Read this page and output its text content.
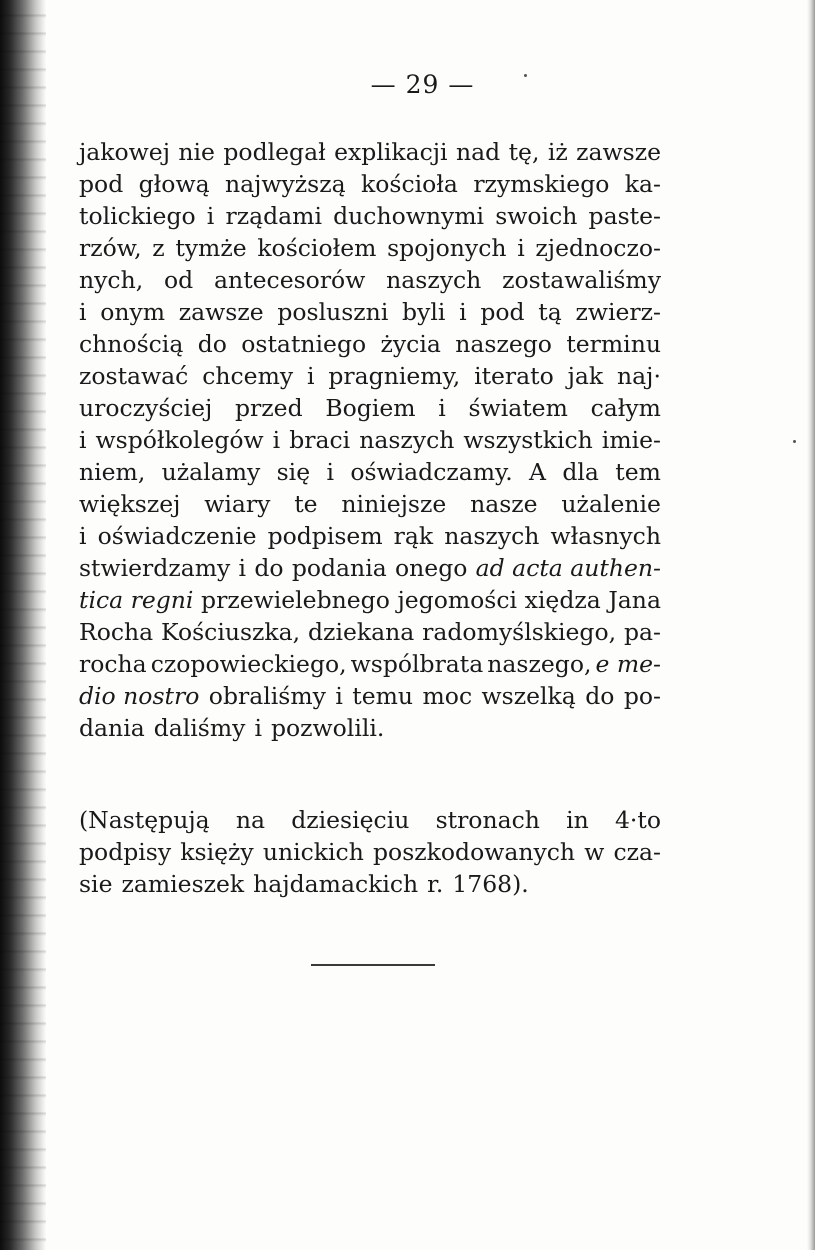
— 29 —
jakowej nie podlegał explikacji nad tę, iż zawsze
pod głową najwyższą kościoła rzymskiego ka-
tolickiego i rządami duchownymi swoich paste-
rzów, z tymże kościołem spojonych i zjednoczo-
nych, od antecesorów naszych zostawaliśmy
i onym zawsze posluszni byli i pod tą zwierz-
chnością do ostatniego życia naszego terminu
zostawać chcemy i pragniemy, iterato jak naj·
uroczyściej przed Bogiem i światem całym
i współkolegów i braci naszych wszystkich imie-
niem, użalamy się i oświadczamy. A dla tem
większej wiary te niniejsze nasze użalenie
i oświadczenie podpisem rąk naszych własnych
stwierdzamy i do podania onego ad acta authen-
tica regni przewielebnego jegomości xiędza Jana
Rocha Kościuszka, dziekana radomyślskiego, pa-
rocha czopowieckiego, wspólbrata naszego, e me-
dio nostro obraliśmy i temu moc wszelką do po-
dania daliśmy i pozwolili.
(Następują na dziesięciu stronach in 4·to
podpisy księży unickich poszkodowanych w cza-
sie zamieszek hajdamackich r. 1768).
